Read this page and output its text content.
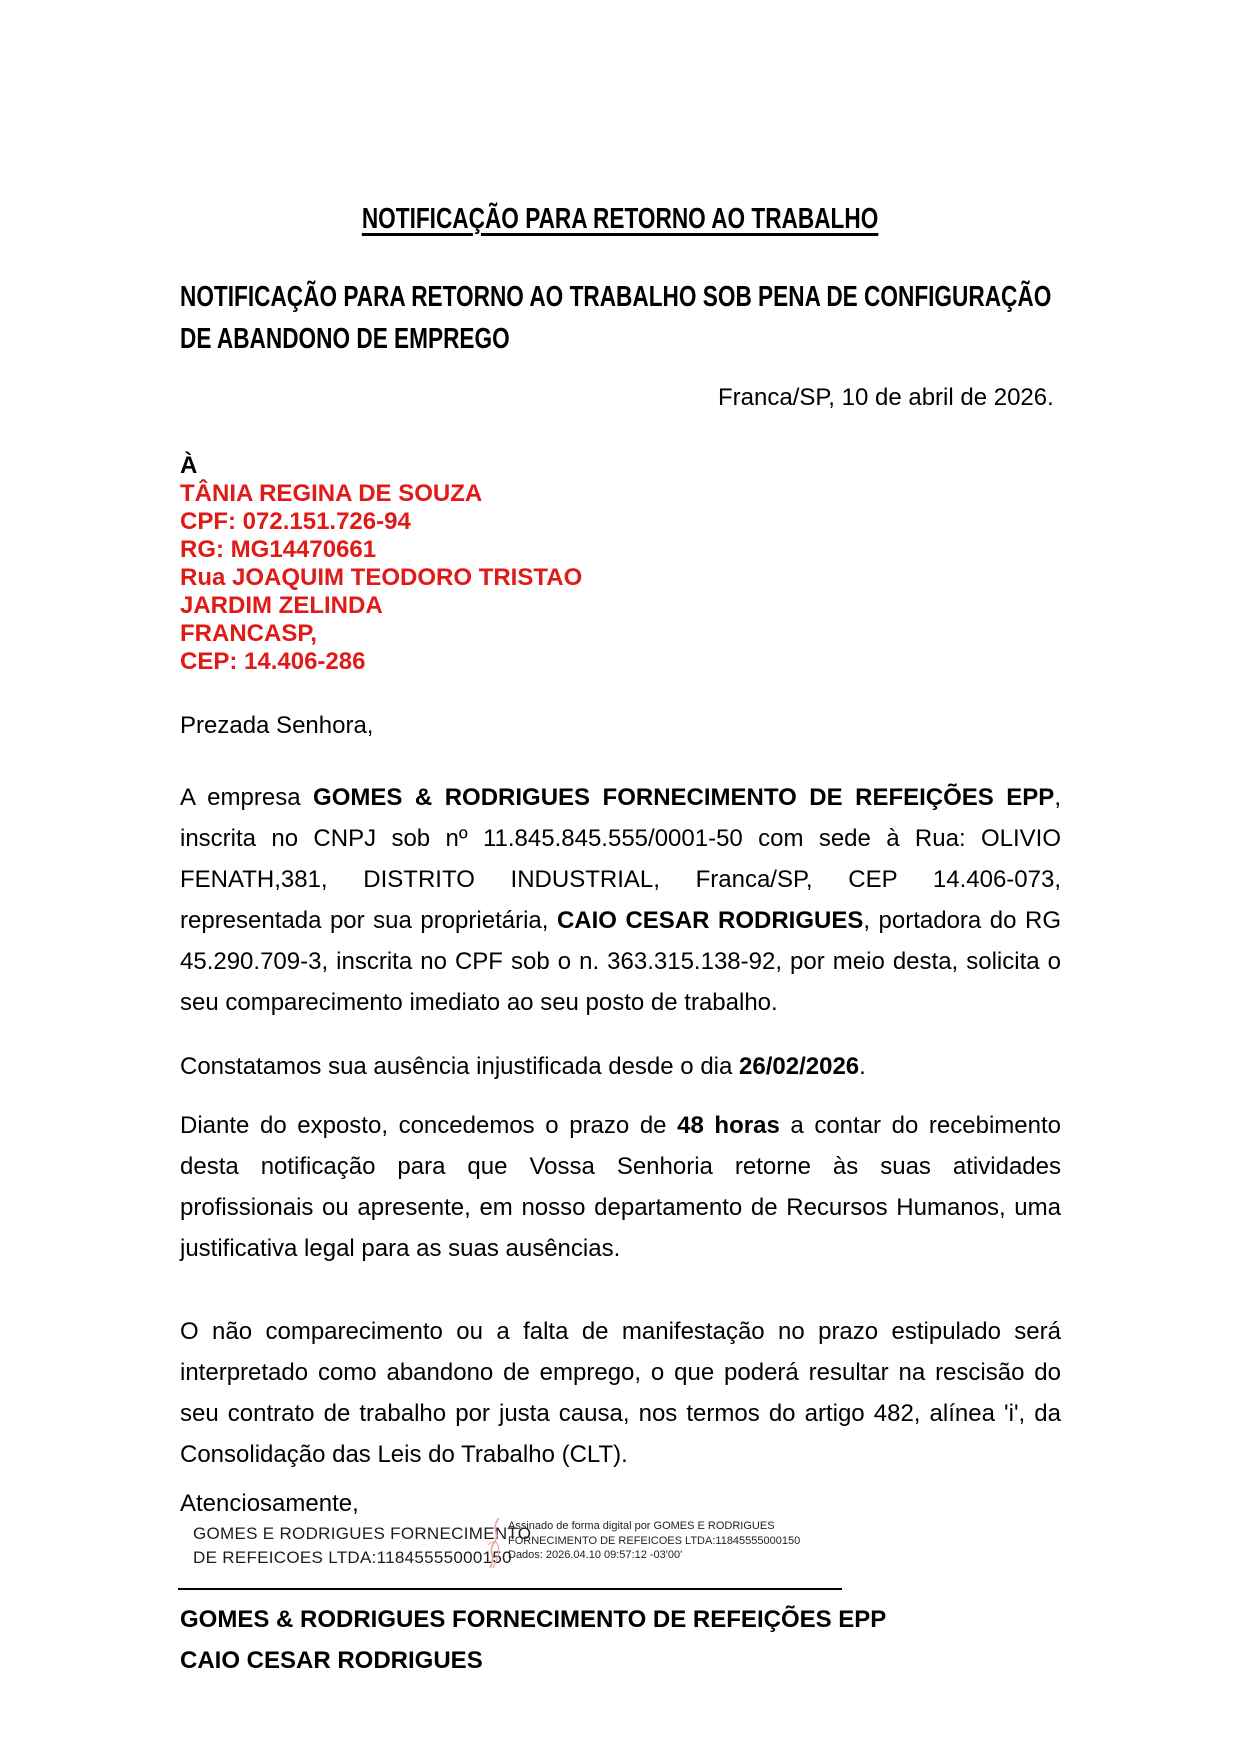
NOTIFICAÇÃO PARA RETORNO AO TRABALHO
NOTIFICAÇÃO PARA RETORNO AO TRABALHO SOB PENA DE CONFIGURAÇÃO
DE ABANDONO DE EMPREGO
Franca/SP, 10 de abril de 2026.
À
TÂNIA REGINA DE SOUZA
CPF: 072.151.726-94
RG: MG14470661
Rua JOAQUIM TEODORO TRISTAO
JARDIM ZELINDA
FRANCASP,
CEP: 14.406-286
Prezada Senhora,

A empresa GOMES & RODRIGUES FORNECIMENTO DE REFEIÇÕES EPP, inscrita no CNPJ sob nº 11.845.845.555/0001-50 com sede à Rua: OLIVIO FENATH,381, DISTRITO INDUSTRIAL, Franca/SP, CEP 14.406-073, representada por sua proprietária, CAIO CESAR RODRIGUES, portadora do RG 45.290.709-3, inscrita no CPF sob o n. 363.315.138-92, por meio desta, solicita o seu comparecimento imediato ao seu posto de trabalho.

Constatamos sua ausência injustificada desde o dia 26/02/2026.

Diante do exposto, concedemos o prazo de 48 horas a contar do recebimento desta notificação para que Vossa Senhoria retorne às suas atividades profissionais ou apresente, em nosso departamento de Recursos Humanos, uma justificativa legal para as suas ausências.

O não comparecimento ou a falta de manifestação no prazo estipulado será interpretado como abandono de emprego, o que poderá resultar na rescisão do seu contrato de trabalho por justa causa, nos termos do artigo 482, alínea 'i', da Consolidação das Leis do Trabalho (CLT).

Atenciosamente,
GOMES E RODRIGUES FORNECIMENTO
DE REFEICOES LTDA:11845555000150
Assinado de forma digital por GOMES E RODRIGUES
FORNECIMENTO DE REFEICOES LTDA:11845555000150
Dados: 2026.04.10 09:57:12 -03'00'
GOMES & RODRIGUES FORNECIMENTO DE REFEIÇÕES EPP
CAIO CESAR RODRIGUES
